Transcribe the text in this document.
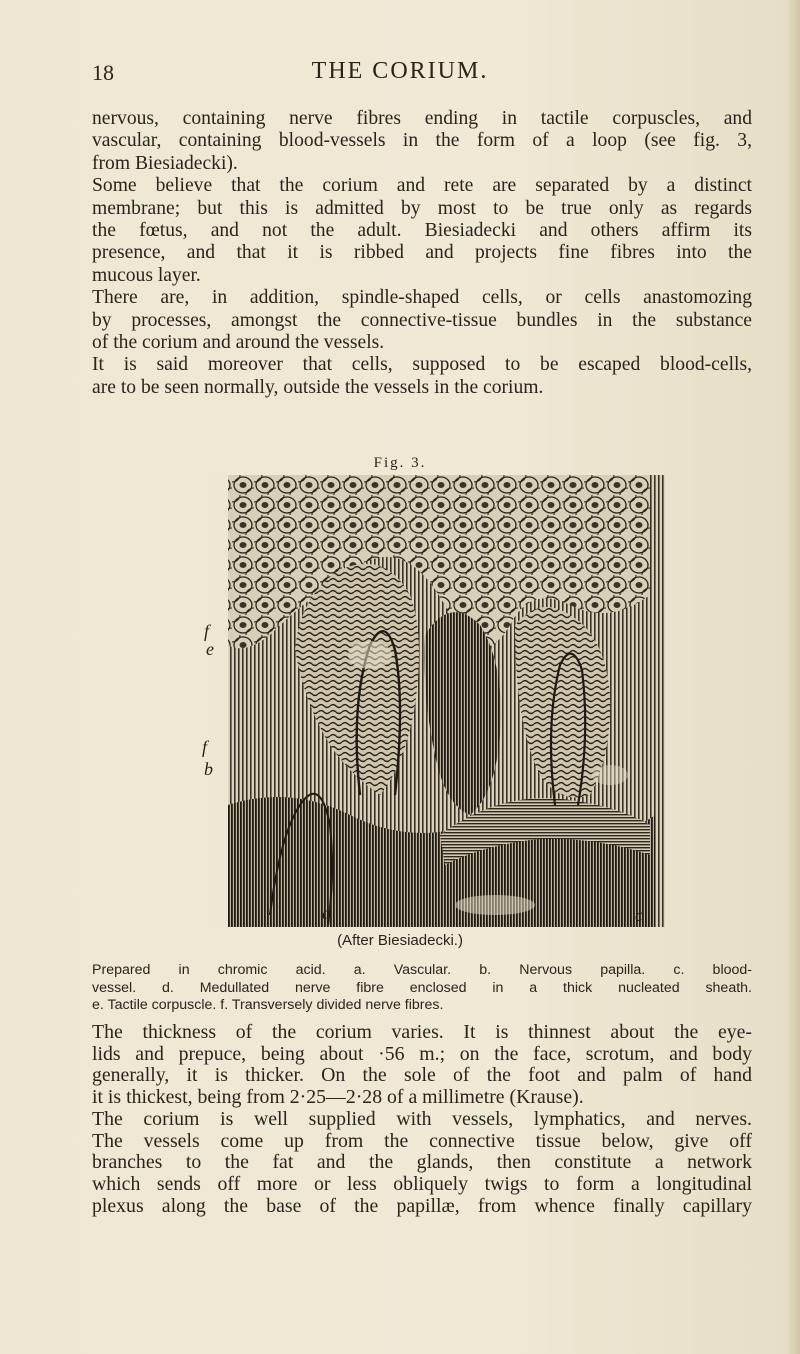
18	THE CORIUM.
nervous, containing nerve fibres ending in tactile corpuscles, and
vascular, containing blood-vessels in the form of a loop (see fig. 3,
from Biesiadecki).
Some believe that the corium and rete are separated by a distinct
membrane; but this is admitted by most to be true only as regards
the fœtus, and not the adult. Biesiadecki and others affirm its
presence, and that it is ribbed and projects fine fibres into the
mucous layer.
There are, in addition, spindle-shaped cells, or cells anastomozing
by processes, amongst the connective-tissue bundles in the substance
of the corium and around the vessels.
It is said moreover that cells, supposed to be escaped blood-cells,
are to be seen normally, outside the vessels in the corium.
Fig. 3.
f
e
f
b
d	c
(After Biesiadecki.)
Prepared in chromic acid. a. Vascular. b. Nervous papilla. c. blood-
vessel. d. Medullated nerve fibre enclosed in a thick nucleated sheath.
e. Tactile corpuscle. f. Transversely divided nerve fibres.
The thickness of the corium varies. It is thinnest about the eye-
lids and prepuce, being about ·56 m.; on the face, scrotum, and body
generally, it is thicker. On the sole of the foot and palm of hand
it is thickest, being from 2·25—2·28 of a millimetre (Krause).
The corium is well supplied with vessels, lymphatics, and nerves.
The vessels come up from the connective tissue below, give off
branches to the fat and the glands, then constitute a network
which sends off more or less obliquely twigs to form a longitudinal
plexus along the base of the papillæ, from whence finally capillary
